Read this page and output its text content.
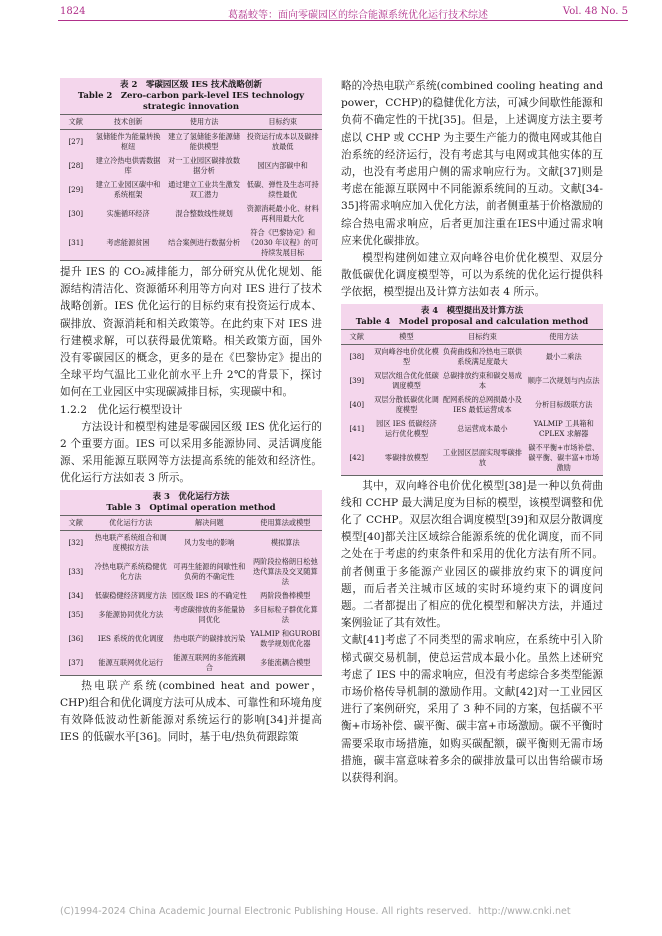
1824	葛磊蛟等：面向零碳园区的综合能源系统优化运行技术综述	Vol. 48 No. 5
表 2　零碳园区级 IES 技术战略创新
Table 2　Zero-carbon park-level IES technology strategic innovation
文献	技术创新	使用方法	目标约束
[27]	氢储能作为能量转换枢纽	建立了氢储能多能源储能供模型	投资运行成本以及碳排放最低
[28]	建立冷热电供需数据库	对一工业园区碳排放数据分析	园区内部碳中和
[29]	建立工业园区碳中和系统框架	通过建立工业共生激发双工潜力	低碳、弹性及生态可持续性最优
[30]	实施循环经济	混合整数线性规划	资源消耗最小化、材料再利用最大化
[31]	考虑能源贫困	结合案例进行数据分析	符合《巴黎协定》和《2030 年议程》的可持续发展目标

提升 IES 的 CO₂减排能力，部分研究从优化规划、能源结构清洁化、资源循环利用等方向对 IES 进行了技术战略创新。IES 优化运行的目标约束有投资运行成本、碳排放、资源消耗和相关政策等。在此约束下对 IES 进行建模求解，可以获得最优策略。相关政策方面，国外没有零碳园区的概念，更多的是在《巴黎协定》提出的全球平均气温比工业化前水平上升 2℃的背景下，探讨如何在工业园区中实现碳减排目标，实现碳中和。

1.2.2　优化运行模型设计

方法设计和模型构建是零碳园区级 IES 优化运行的 2 个重要方面。IES 可以采用多能源协同、灵活调度能源、采用能源互联网等方法提高系统的能效和经济性。优化运行方法如表 3 所示。

表 3　优化运行方法
Table 3　Optimal operation method
文献	优化运行方法	解决问题	使用算法或模型
[32]	热电联产系统组合和调度模拟方法	风力发电的影响	模拟算法
[33]	冷热电联产系统稳健优化方法	可再生能源的间歇性和负荷的不确定性	两阶段拉格朗日松弛迭代算法及交叉随算法
[34]	低碳稳健经济调度方法	园区级 IES 的不确定性	两阶段鲁棒模型
[35]	多能源协同优化方法	考虑碳排放的多能量协同优化	多目标粒子群优化算法
[36]	IES 系统的优化调度	热电联产的碳排放污染	YALMIP 和GUROBI 数学规划优化器
[37]	能源互联网优化运行	能源互联网的多能流耦合	多能流耦合模型

热电联产系统(combined heat and power，CHP)组合和优化调度方法可从成本、可靠性和环境角度有效降低波动性新能源对系统运行的影响[34]并提高 IES 的低碳水平[36]。同时，基于电/热负荷跟踪策

略的冷热电联产系统(combined cooling heating and power，CCHP)的稳健优化方法，可减少间歇性能源和负荷不确定性的干扰[35]。但是，上述调度方法主要考虑以 CHP 或 CCHP 为主要生产能力的微电网或其他自治系统的经济运行，没有考虑其与电网或其他实体的互动，也没有考虑用户侧的需求响应行为。文献[37]则是考虑在能源互联网中不同能源系统间的互动。文献[34-35]将需求响应加入优化方法，前者侧重基于价格激励的综合热电需求响应，后者更加注重在IES中通过需求响应来优化碳排放。

模型构建例如建立双向峰谷电价优化模型、双层分散低碳优化调度模型等，可以为系统的优化运行提供科学依据，模型提出及计算方法如表 4 所示。

表 4　模型提出及计算方法
Table 4　Model proposal and calculation method
文献	模型	目标约束	使用方法
[38]	双向峰谷电价优化模型	负荷曲线和冷热电三联供系统满足度最大	最小二乘法
[39]	双层次组合优化低碳调度模型	总碳排放约束和碳交易成本	顺序二次规划与内点法
[40]	双层分散低碳优化调度模型	配网系统的总网损最小及 IES 最低运营成本	分析目标级联方法
[41]	园区 IES 低碳经济运行优化模型	总运营成本最小	YALMIP 工具箱和CPLEX 求解器
[42]	零碳排放模型	工业园区层面实现零碳排放	碳不平衡+市场补偿、碳平衡、碳丰富+市场激励

其中，双向峰谷电价优化模型[38]是一种以负荷曲线和 CCHP 最大满足度为目标的模型，该模型调整和优化了 CCHP。双层次组合调度模型[39]和双层分散调度模型[40]都关注区域综合能源系统的优化调度，而不同之处在于考虑的约束条件和采用的优化方法有所不同。前者侧重于多能源产业园区的碳排放约束下的调度问题，而后者关注城市区域的实时环境约束下的调度问题。二者都提出了相应的优化模型和解决方法，并通过案例验证了其有效性。

文献[41]考虑了不同类型的需求响应，在系统中引入阶梯式碳交易机制，使总运营成本最小化。虽然上述研究考虑了 IES 中的需求响应，但没有考虑综合多类型能源市场价格传导机制的激励作用。文献[42]对一工业园区进行了案例研究，采用了 3 种不同的方案，包括碳不平衡+市场补偿、碳平衡、碳丰富+市场激励。碳不平衡时需要采取市场措施，如购买碳配额，碳平衡则无需市场措施，碳丰富意味着多余的碳排放量可以出售给碳市场以获得利润。

(C)1994-2024 China Academic Journal Electronic Publishing House. All rights reserved. http://www.cnki.net
